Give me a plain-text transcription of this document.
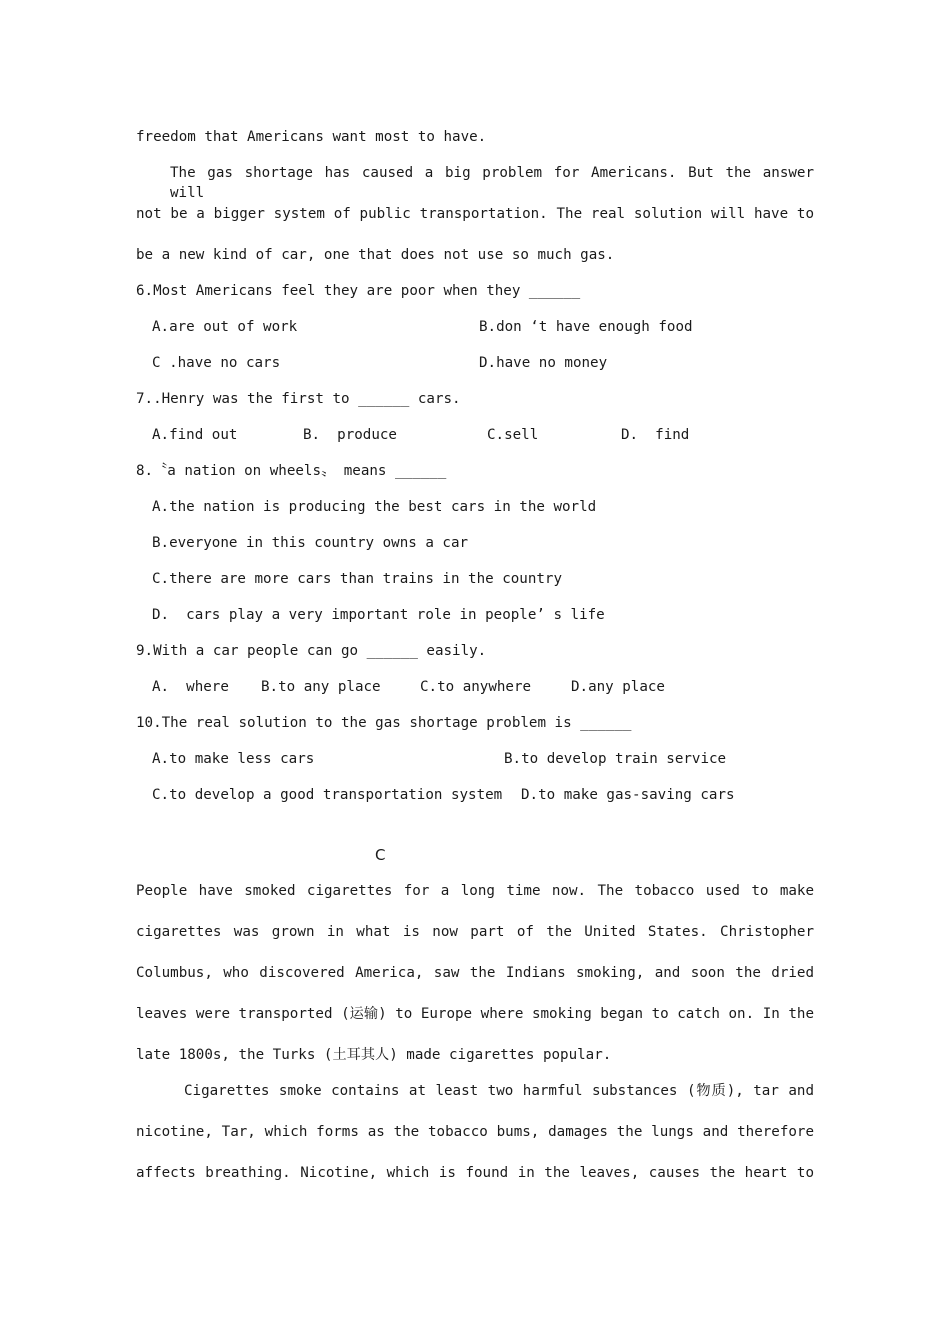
freedom that Americans want most to have.

The gas shortage has caused a big problem for Americans. But the answer will

not be a bigger system of public transportation. The real solution will have to

be a new kind of car, one that does not use so much gas.

6.Most Americans feel they are poor when they ______

A.are out of work	B.don ‘t have enough food
C .have no cars	D.have no money

7..Henry was the first to ______ cars.

A.find out	B.  produce	C.sell	D.  find

8.〝a nation on wheels〟 means ______

A.the nation is producing the best cars in the world
B.everyone in this country owns a car
C.there are more cars than trains in the country
D.  cars play a very important role in people’ s life

9.With a car people can go ______ easily.

A.  where B.to any place	C.to anywhere	D.any place

10.The real solution to the gas shortage problem is ______

A.to make less cars	B.to develop train service
C.to develop a good transportation system D.to make gas-saving cars
C

People have smoked cigarettes for a long time now. The tobacco used to make

cigarettes was grown in what is now part of the United States. Christopher

Columbus, who discovered America, saw the Indians smoking, and soon the dried

leaves were transported (运输) to Europe where smoking began to catch on. In the

late 1800s, the Turks (土耳其人) made cigarettes popular.

Cigarettes smoke contains at least two harmful substances (物质), tar and

nicotine, Tar, which forms as the tobacco bums, damages the lungs and therefore

affects breathing. Nicotine, which is found in the leaves, causes the heart to
